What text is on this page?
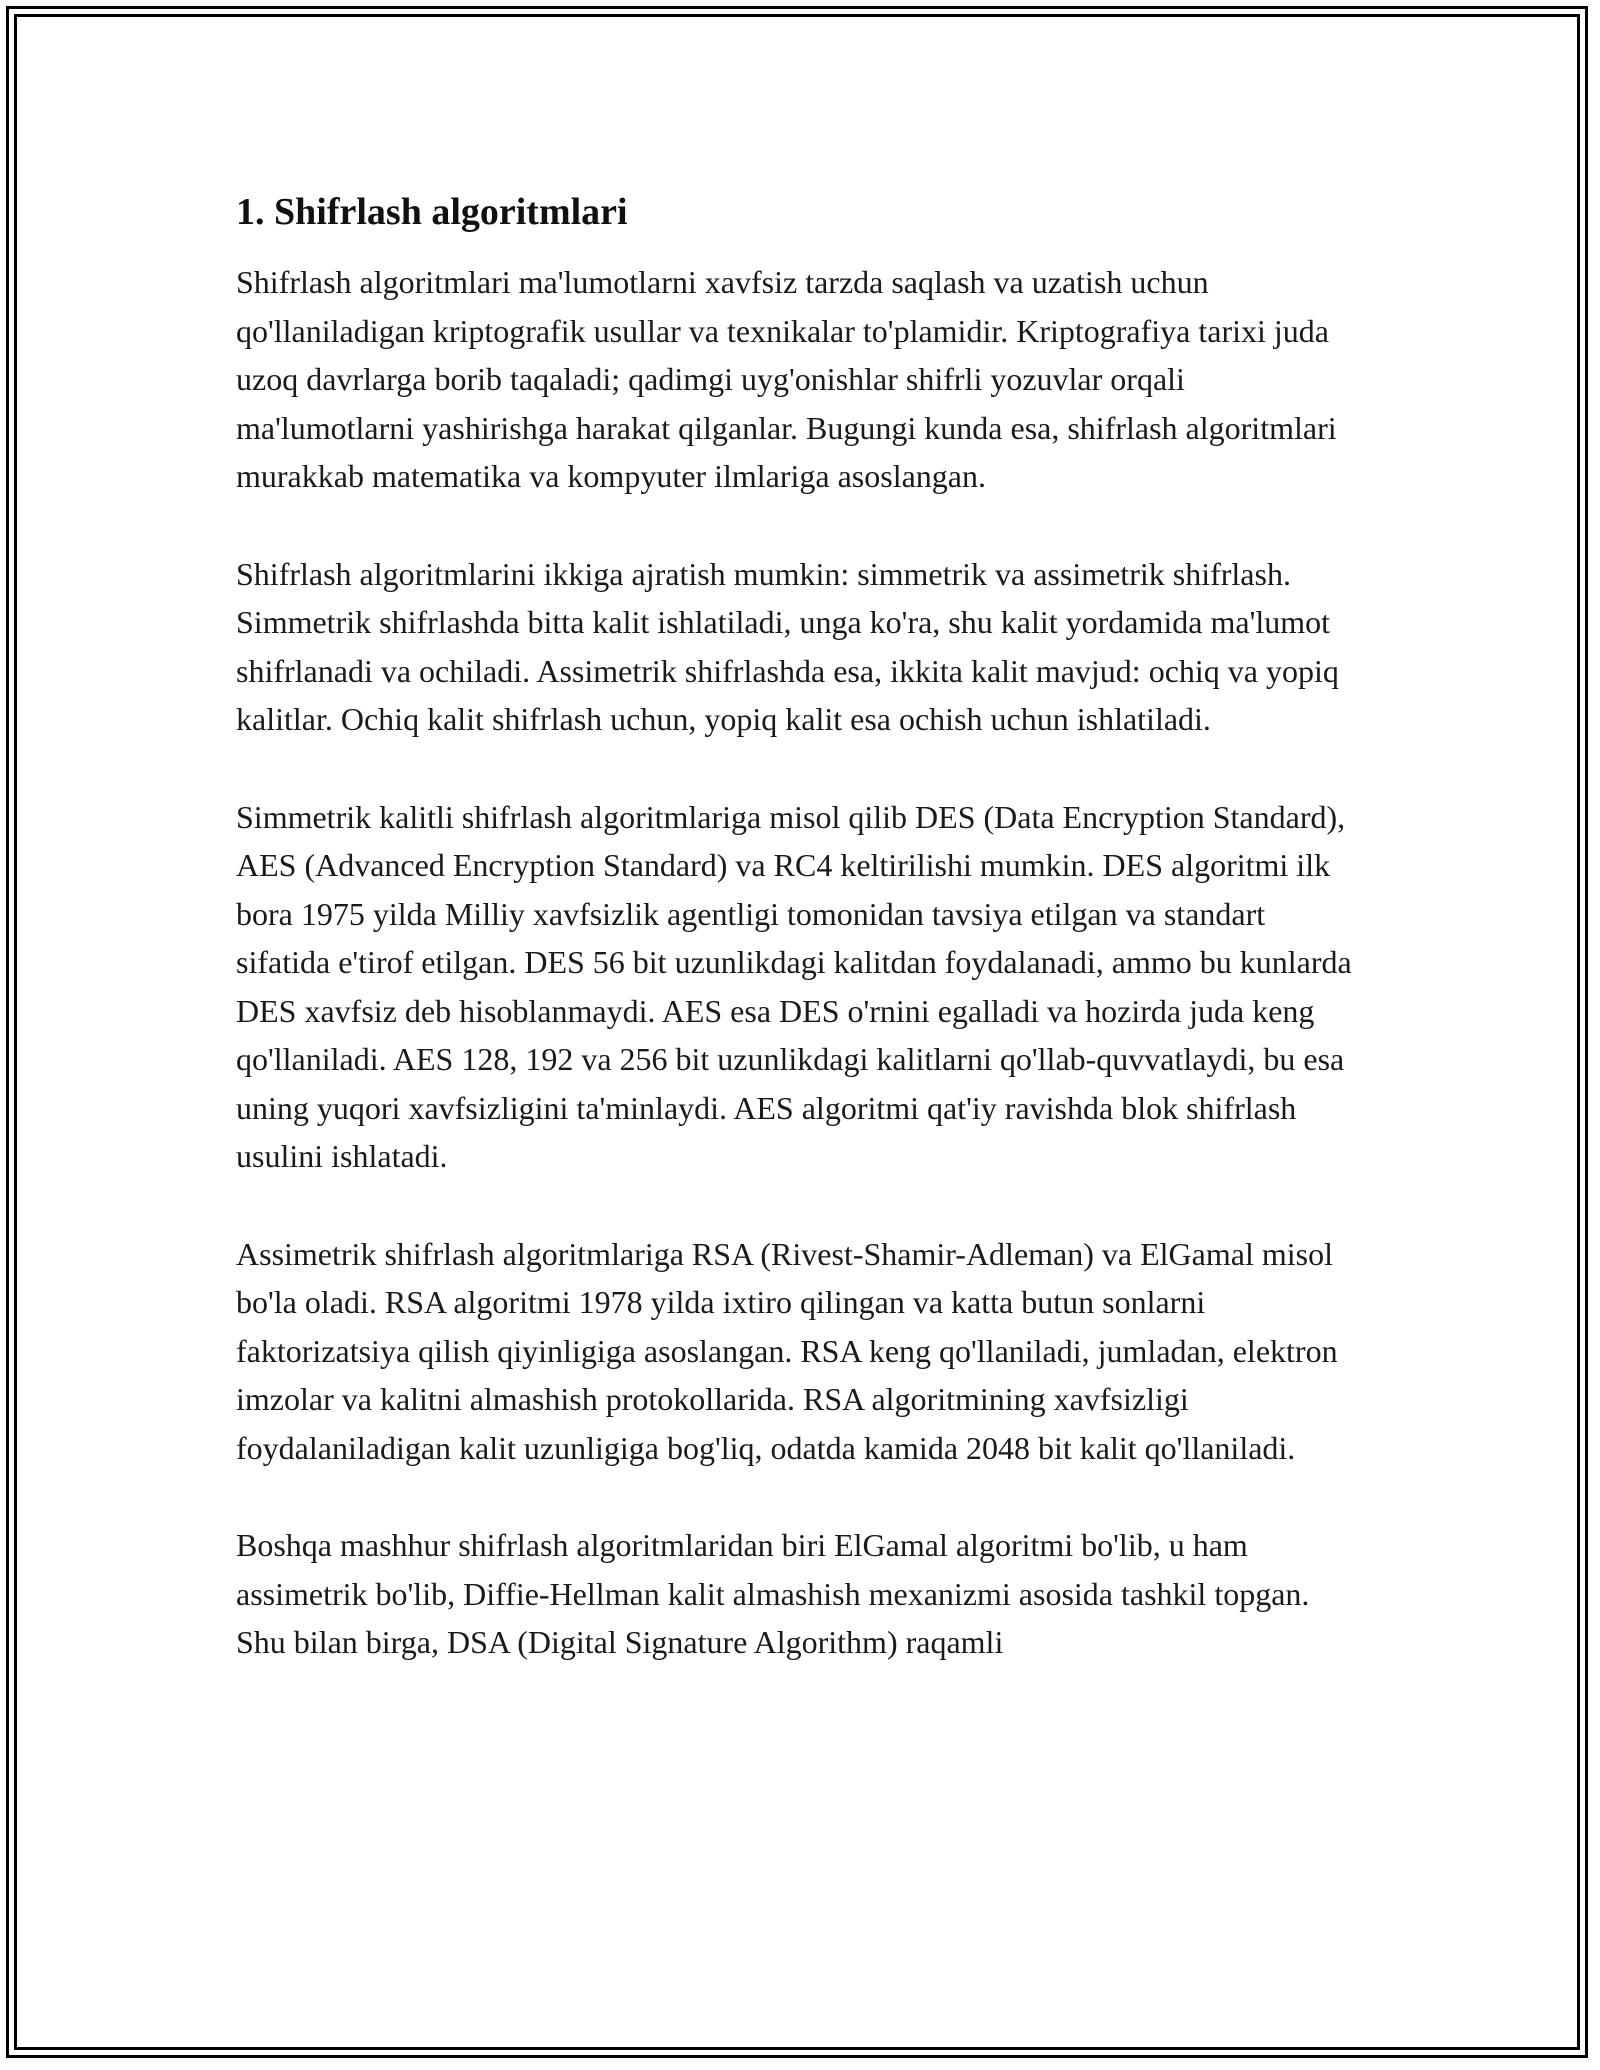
1. Shifrlash algoritmlari

Shifrlash algoritmlari ma'lumotlarni xavfsiz tarzda saqlash va uzatish uchun qo'llaniladigan kriptografik usullar va texnikalar to'plamidir. Kriptografiya tarixi juda uzoq davrlarga borib taqaladi; qadimgi uyg'onishlar shifrli yozuvlar orqali ma'lumotlarni yashirishga harakat qilganlar. Bugungi kunda esa, shifrlash algoritmlari murakkab matematika va kompyuter ilmlariga asoslangan.

Shifrlash algoritmlarini ikkiga ajratish mumkin: simmetrik va assimetrik shifrlash. Simmetrik shifrlashda bitta kalit ishlatiladi, unga ko'ra, shu kalit yordamida ma'lumot shifrlanadi va ochiladi. Assimetrik shifrlashda esa, ikkita kalit mavjud: ochiq va yopiq kalitlar. Ochiq kalit shifrlash uchun, yopiq kalit esa ochish uchun ishlatiladi.

Simmetrik kalitli shifrlash algoritmlariga misol qilib DES (Data Encryption Standard), AES (Advanced Encryption Standard) va RC4 keltirilishi mumkin. DES algoritmi ilk bora 1975 yilda Milliy xavfsizlik agentligi tomonidan tavsiya etilgan va standart sifatida e'tirof etilgan. DES 56 bit uzunlikdagi kalitdan foydalanadi, ammo bu kunlarda DES xavfsiz deb hisoblanmaydi. AES esa DES o'rnini egalladi va hozirda juda keng qo'llaniladi. AES 128, 192 va 256 bit uzunlikdagi kalitlarni qo'llab-quvvatlaydi, bu esa uning yuqori xavfsizligini ta'minlaydi. AES algoritmi qat'iy ravishda blok shifrlash usulini ishlatadi.

Assimetrik shifrlash algoritmlariga RSA (Rivest-Shamir-Adleman) va ElGamal misol bo'la oladi. RSA algoritmi 1978 yilda ixtiro qilingan va katta butun sonlarni faktorizatsiya qilish qiyinligiga asoslangan. RSA keng qo'llaniladi, jumladan, elektron imzolar va kalitni almashish protokollarida. RSA algoritmining xavfsizligi foydalaniladigan kalit uzunligiga bog'liq, odatda kamida 2048 bit kalit qo'llaniladi.

Boshqa mashhur shifrlash algoritmlaridan biri ElGamal algoritmi bo'lib, u ham assimetrik bo'lib, Diffie-Hellman kalit almashish mexanizmi asosida tashkil topgan. Shu bilan birga, DSA (Digital Signature Algorithm) raqamli
